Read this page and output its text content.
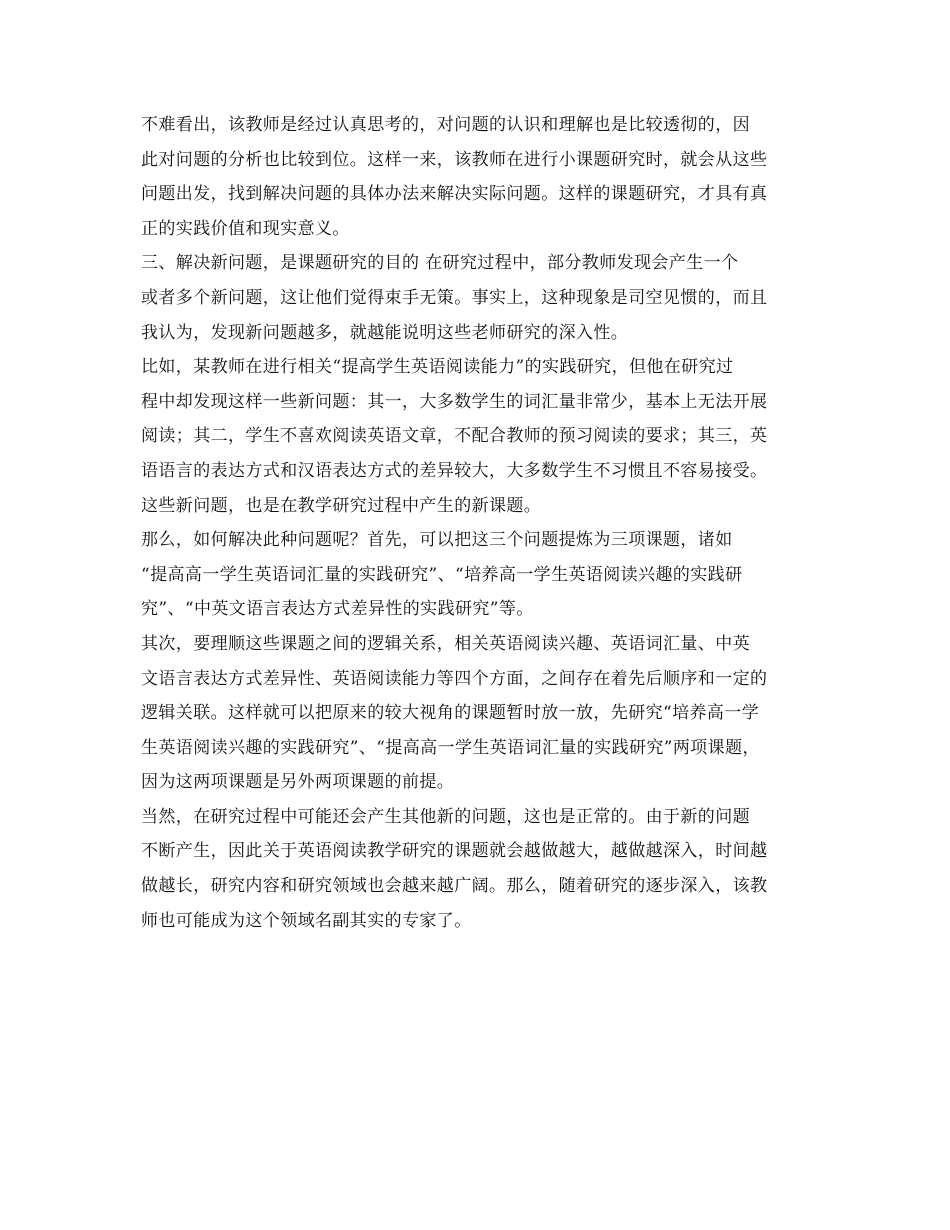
不难看出，该教师是经过认真思考的，对问题的认识和理解也是比较透彻的，因
此对问题的分析也比较到位。这样一来，该教师在进行小课题研究时，就会从这些
问题出发，找到解决问题的具体办法来解决实际问题。这样的课题研究，才具有真
正的实践价值和现实意义。
三、解决新问题，是课题研究的目的 在研究过程中，部分教师发现会产生一个
或者多个新问题，这让他们觉得束手无策。事实上，这种现象是司空见惯的，而且
我认为，发现新问题越多，就越能说明这些老师研究的深入性。
比如，某教师在进行相关“提高学生英语阅读能力”的实践研究，但他在研究过
程中却发现这样一些新问题：其一，大多数学生的词汇量非常少，基本上无法开展
阅读；其二，学生不喜欢阅读英语文章，不配合教师的预习阅读的要求；其三，英
语语言的表达方式和汉语表达方式的差异较大，大多数学生不习惯且不容易接受。
这些新问题，也是在教学研究过程中产生的新课题。
那么，如何解决此种问题呢？首先，可以把这三个问题提炼为三项课题，诸如
“提高高一学生英语词汇量的实践研究”、“培养高一学生英语阅读兴趣的实践研
究”、“中英文语言表达方式差异性的实践研究”等。
其次，要理顺这些课题之间的逻辑关系，相关英语阅读兴趣、英语词汇量、中英
文语言表达方式差异性、英语阅读能力等四个方面，之间存在着先后顺序和一定的
逻辑关联。这样就可以把原来的较大视角的课题暂时放一放，先研究“培养高一学
生英语阅读兴趣的实践研究”、“提高高一学生英语词汇量的实践研究”两项课题，
因为这两项课题是另外两项课题的前提。
当然，在研究过程中可能还会产生其他新的问题，这也是正常的。由于新的问题
不断产生，因此关于英语阅读教学研究的课题就会越做越大，越做越深入，时间越
做越长，研究内容和研究领域也会越来越广阔。那么，随着研究的逐步深入，该教
师也可能成为这个领域名副其实的专家了。
